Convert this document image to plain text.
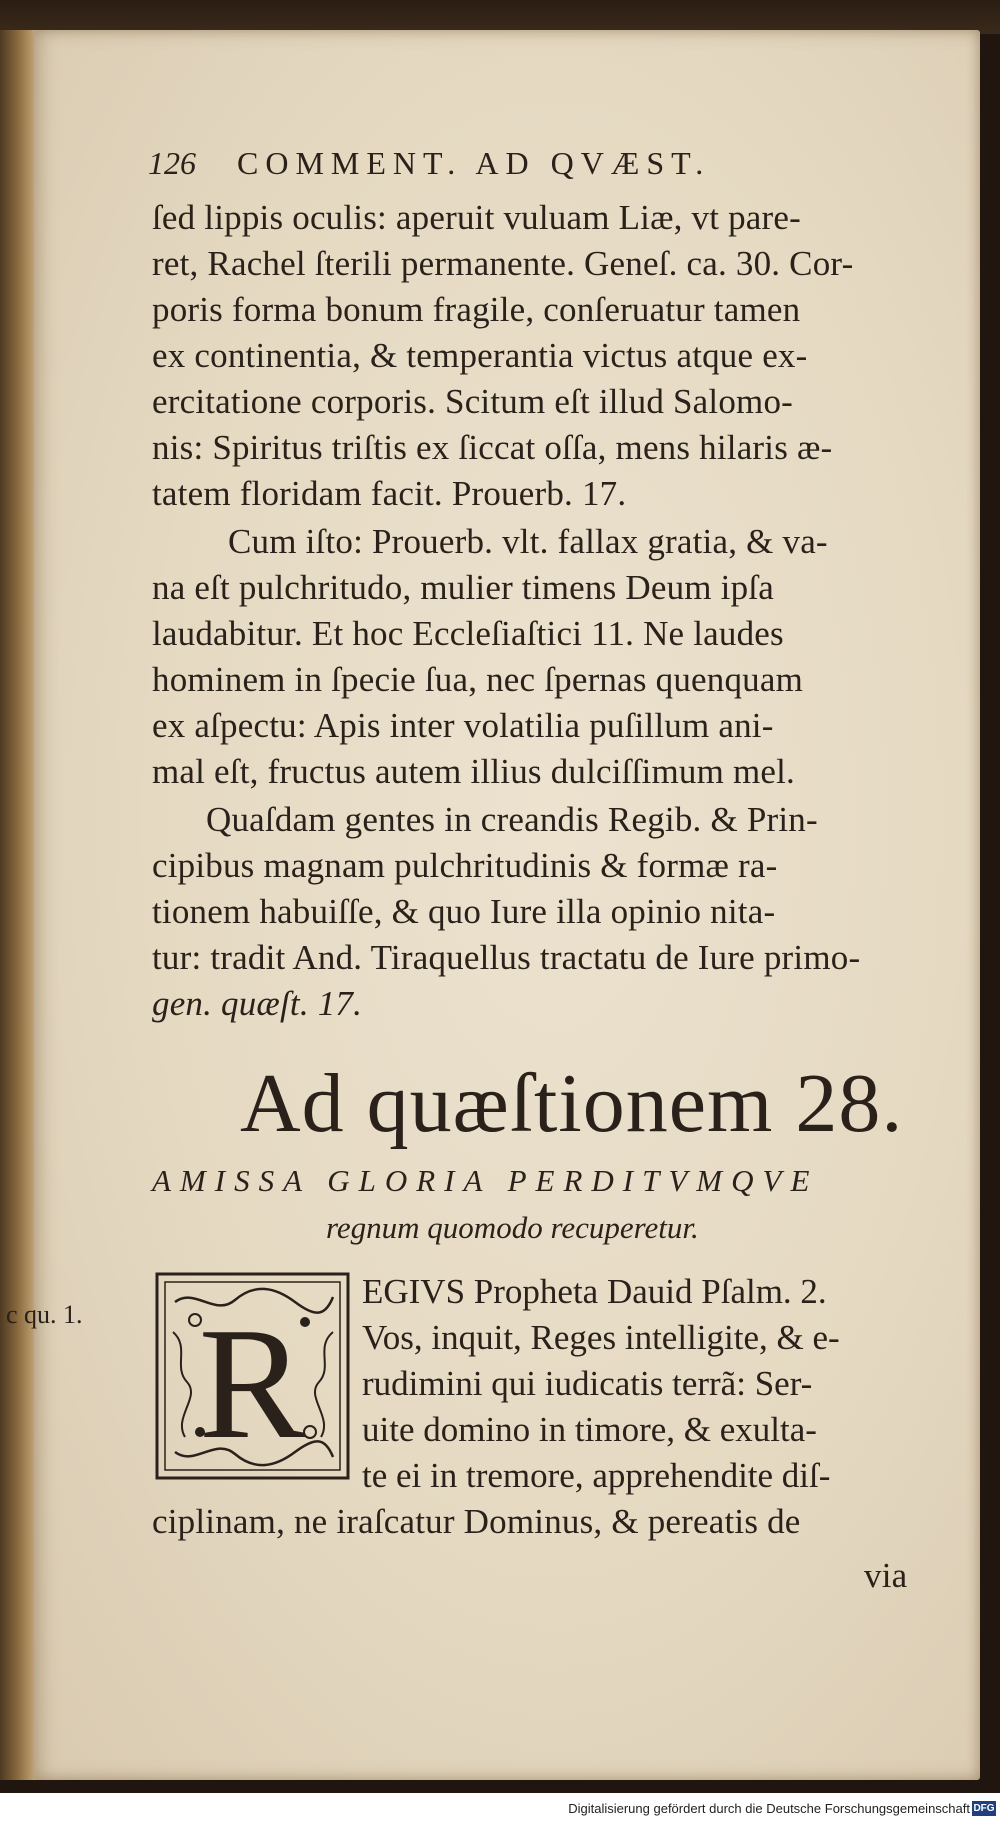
126 COMMENT. AD QVÆST.
ſed lippis oculis: aperuit vuluam Liæ, vt pare-
ret, Rachel ſterili permanente. Geneſ. ca. 30. Cor-
poris forma bonum fragile, conſeruatur tamen
ex continentia, & temperantia victus atque ex-
ercitatione corporis. Scitum eſt illud Salomo-
nis: Spiritus triſtis ex ſiccat oſſa, mens hilaris æ-
tatem floridam facit. Prouerb. 17.
Cum iſto: Prouerb. vlt. fallax gratia, & va-
na eſt pulchritudo, mulier timens Deum ipſa
laudabitur. Et hoc Eccleſiaſtici 11. Ne laudes
hominem in ſpecie ſua, nec ſpernas quenquam
ex aſpectu: Apis inter volatilia puſillum ani-
mal eſt, fructus autem illius dulciſſimum mel.
Quaſdam gentes in creandis Regib. & Prin-
cipibus magnam pulchritudinis & formæ ra-
tionem habuiſſe, & quo Iure illa opinio nita-
tur: tradit And. Tiraquellus tractatu de Iure primo-
gen. quæſt. 17.
Ad quæſtionem 28.
AMISSA GLORIA PERDITVMQVE
regnum quomodo recuperetur.
c qu. 1. R
EGIVS Propheta Dauid Pſalm. 2.
Vos, inquit, Reges intelligite, & e-
rudimini qui iudicatis terrã: Ser-
uite domino in timore, & exulta-
te ei in tremore, apprehendite diſ-
ciplinam, ne iraſcatur Dominus, & pereatis de
via
Digitalisierung gefördert durch die Deutsche Forschungsgemeinschaft DFG
